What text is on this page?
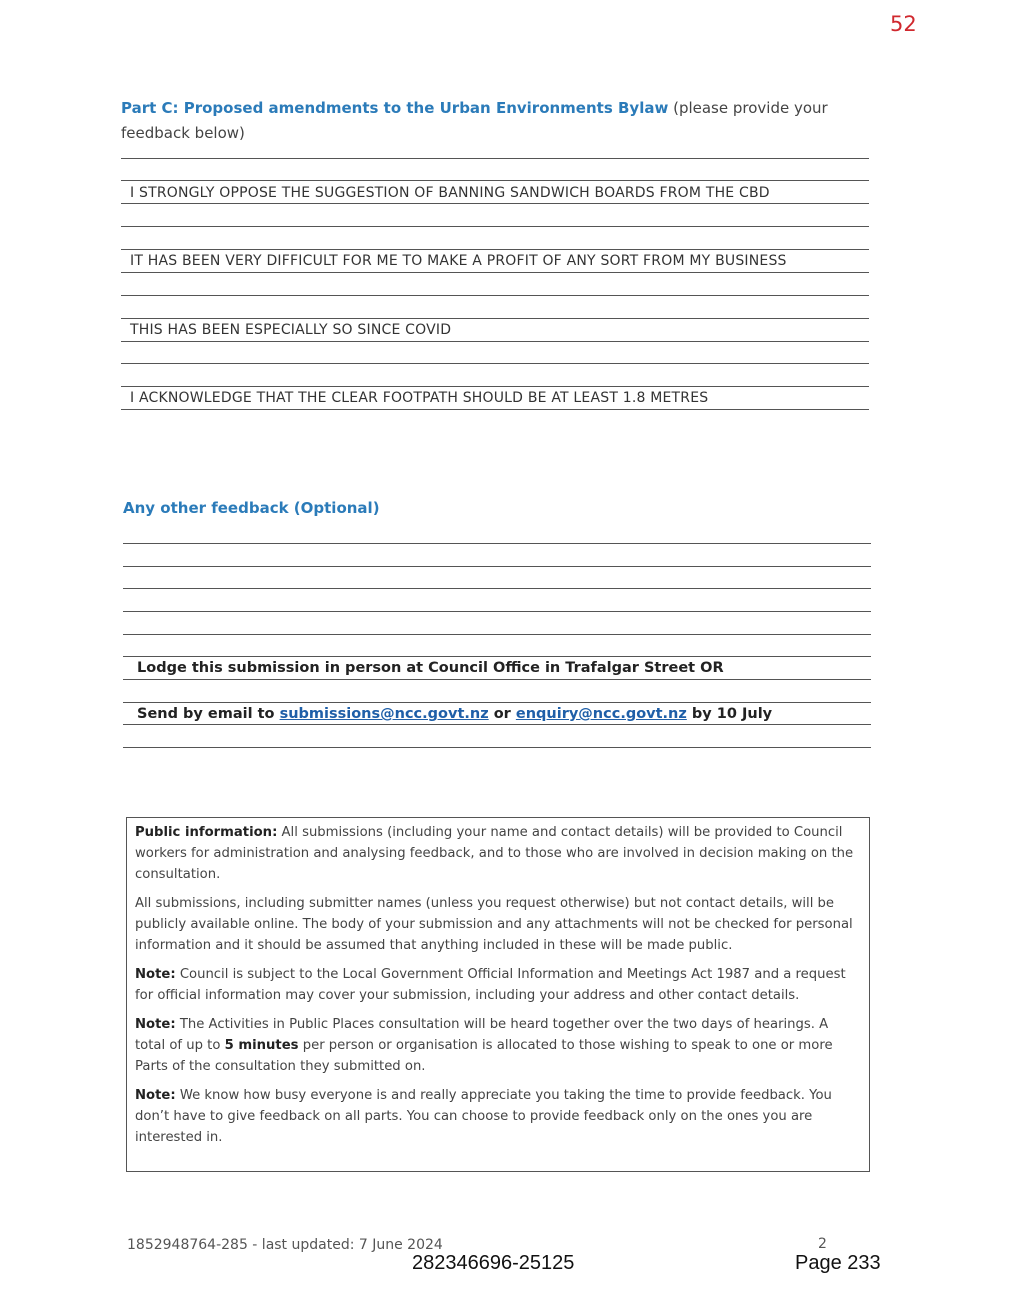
52
Part C: Proposed amendments to the Urban Environments Bylaw (please provide your feedback below)
I STRONGLY OPPOSE THE SUGGESTION OF BANNING SANDWICH BOARDS FROM THE CBD
IT HAS BEEN VERY DIFFICULT FOR ME TO MAKE A PROFIT OF ANY SORT FROM MY BUSINESS
THIS HAS BEEN ESPECIALLY SO SINCE COVID
I ACKNOWLEDGE THAT THE CLEAR FOOTPATH SHOULD BE AT LEAST 1.8 METRES
Any other feedback (Optional)
Lodge this submission in person at Council Office in Trafalgar Street OR
Send by email to submissions@ncc.govt.nz or enquiry@ncc.govt.nz by 10 July

Public information: All submissions (including your name and contact details) will be provided to Council workers for administration and analysing feedback, and to those who are involved in decision making on the consultation.

All submissions, including submitter names (unless you request otherwise) but not contact details, will be publicly available online. The body of your submission and any attachments will not be checked for personal information and it should be assumed that anything included in these will be made public.

Note: Council is subject to the Local Government Official Information and Meetings Act 1987 and a request for official information may cover your submission, including your address and other contact details.

Note: The Activities in Public Places consultation will be heard together over the two days of hearings. A total of up to 5 minutes per person or organisation is allocated to those wishing to speak to one or more Parts of the consultation they submitted on.

Note: We know how busy everyone is and really appreciate you taking the time to provide feedback. You don’t have to give feedback on all parts. You can choose to provide feedback only on the ones you are interested in.

1852948764-285 - last updated: 7 June 2024	2
282346696-25125	Page 233
